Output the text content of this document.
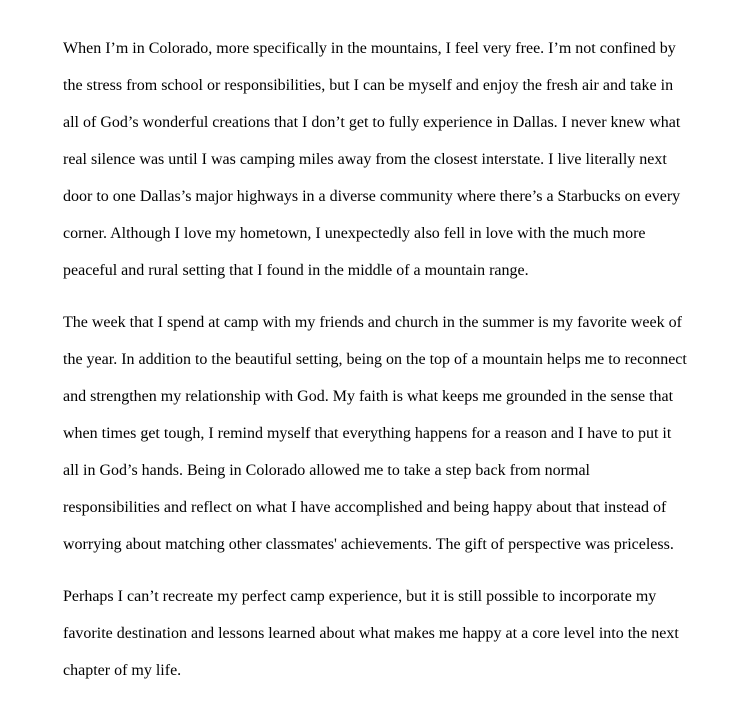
When I’m in Colorado, more specifically in the mountains, I feel very free. I’m not confined by the stress from school or responsibilities, but I can be myself and enjoy the fresh air and take in all of God’s wonderful creations that I don’t get to fully experience in Dallas. I never knew what real silence was until I was camping miles away from the closest interstate. I live literally next door to one Dallas’s major highways in a diverse community where there’s a Starbucks on every corner. Although I love my hometown, I unexpectedly also fell in love with the much more peaceful and rural setting that I found in the middle of a mountain range.

The week that I spend at camp with my friends and church in the summer is my favorite week of the year. In addition to the beautiful setting, being on the top of a mountain helps me to reconnect and strengthen my relationship with God. My faith is what keeps me grounded in the sense that when times get tough, I remind myself that everything happens for a reason and I have to put it all in God’s hands. Being in Colorado allowed me to take a step back from normal responsibilities and reflect on what I have accomplished and being happy about that instead of worrying about matching other classmates' achievements. The gift of perspective was priceless.

Perhaps I can’t recreate my perfect camp experience, but it is still possible to incorporate my favorite destination and lessons learned about what makes me happy at a core level into the next chapter of my life.
